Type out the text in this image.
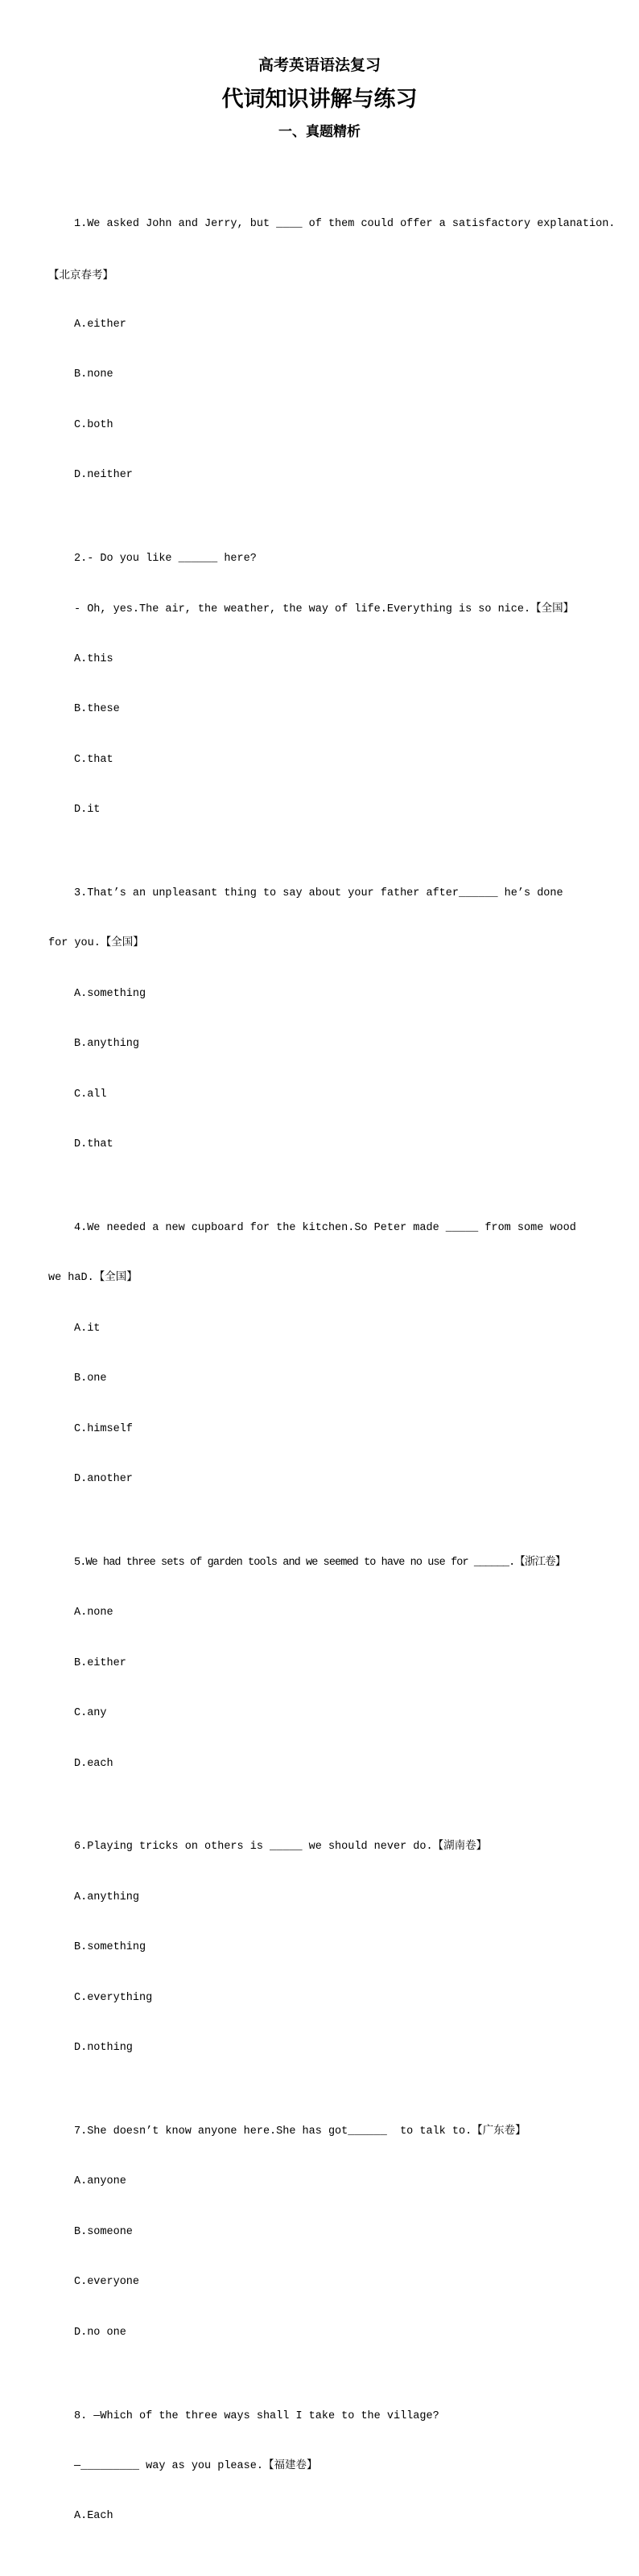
高考英语语法复习
代词知识讲解与练习
一、真题精析

1.We asked John and Jerry, but ____ of them could offer a satisfactory explanation.

【北京春考】

A.either

B.none

C.both

D.neither

2.- Do you like ______ here?

- Oh, yes.The air, the weather, the way of life.Everything is so nice.【全国】

A.this

B.these

C.that

D.it

3.That’s an unpleasant thing to say about your father after______ he’s done

for you.【全国】

A.something

B.anything

C.all

D.that

4.We needed a new cupboard for the kitchen.So Peter made _____ from some wood

we haD.【全国】

A.it

B.one

C.himself

D.another

5.We had three sets of garden tools and we seemed to have no use for ______.【浙江卷】

A.none

B.either

C.any

D.each

6.Playing tricks on others is _____ we should never do.【湖南卷】

A.anything

B.something

C.everything

D.nothing

7.She doesn’t know anyone here.She has got______  to talk to.【广东卷】

A.anyone

B.someone

C.everyone

D.no one

8. —Which of the three ways shall I take to the village?

—_________ way as you please.【福建卷】

A.Each
